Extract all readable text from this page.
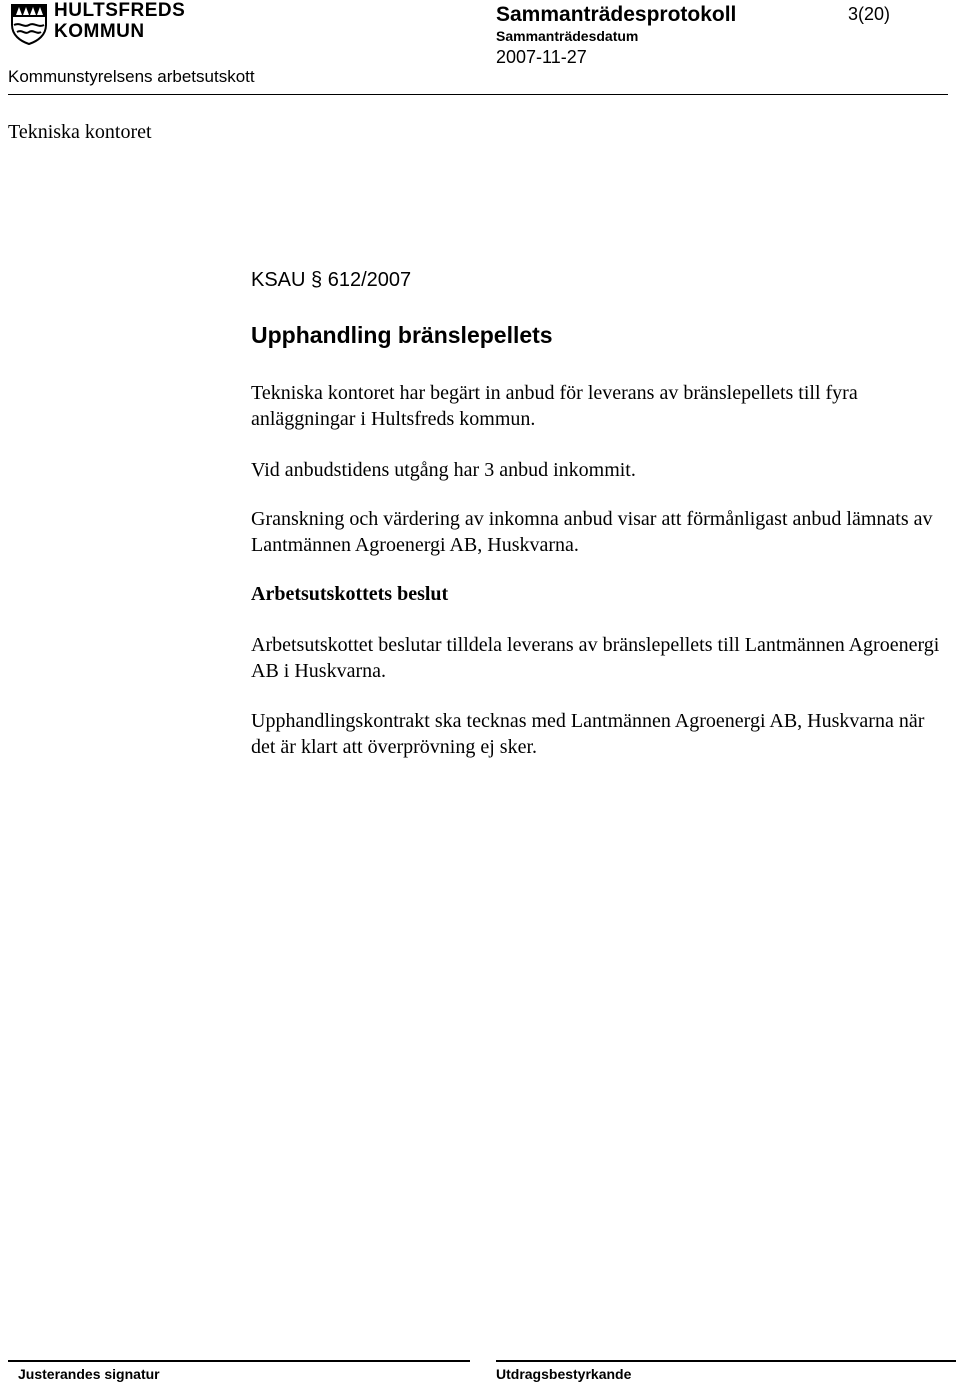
HULTSFREDS
KOMMUN
Sammanträdesprotokoll	3(20)
Sammanträdesdatum
2007-11-27
Kommunstyrelsens arbetsutskott
Tekniska kontoret
KSAU § 612/2007
Upphandling bränslepellets
Tekniska kontoret har begärt in anbud för leverans av bränslepellets till fyra anläggningar i Hultsfreds kommun.
Vid anbudstidens utgång har 3 anbud inkommit.
Granskning och värdering av inkomna anbud visar att förmånligast anbud lämnats av Lantmännen Agroenergi AB, Huskvarna.
Arbetsutskottets beslut
Arbetsutskottet beslutar tilldela leverans av bränslepellets till Lantmännen Agroenergi AB i Huskvarna.
Upphandlingskontrakt ska tecknas med Lantmännen Agroenergi AB, Huskvarna när det är klart att överprövning ej sker.
Justerandes signatur	Utdragsbestyrkande
